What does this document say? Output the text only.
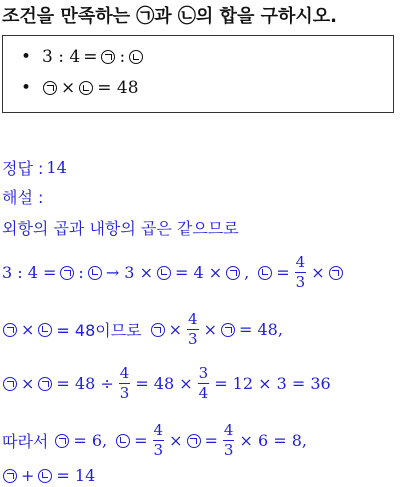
조건을 만족하는 ㉠과 ㉡의 합을 구하시오.
• 3 : 4 = :
• × = 48
정답 : 14
해설 :
외항의 곱과 내항의 곱은 같으므로
3 : 4 = : → 3 × = 4 × , = $\frac{4}{3}$ ×
× = 48이므로 × $\frac{4}{3}$ × = 48,
× = $48 \div \frac{4}{3} = 48 \times \frac{3}{4} = 12 \times 3 = 36$
따라서 = 6, = $\frac{4}{3}$ × = $\frac{4}{3} \times 6 = 8$,
+ = 14
